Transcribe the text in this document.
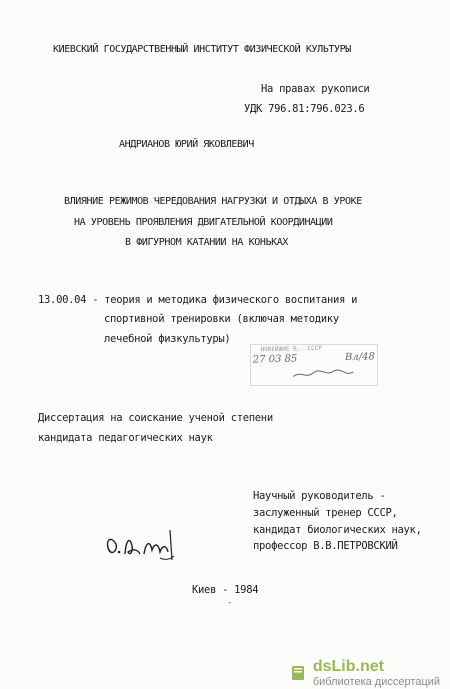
КИЕВСКИЙ ГОСУДАРСТВЕННЫЙ ИНСТИТУТ ФИЗИЧЕСКОЙ КУЛЬТУРЫ
На правах рукописи
УДК 796.81:796.023.6
АНДРИАНОВ ЮРИЙ ЯКОВЛЕВИЧ
ВЛИЯНИЕ РЕЖИМОВ ЧЕРЕДОВАНИЯ НАГРУЗКИ И ОТДЫХА В УРОКЕ
НА УРОВЕНЬ ПРОЯВЛЕНИЯ ДВИГАТЕЛЬНОЙ КООРДИНАЦИИ
В ФИГУРНОМ КАТАНИИ НА КОНЬКАХ
13.00.04 - теория и методика физического воспитания и
спортивной тренировки (включая методику
лечебной физкультуры)
НОВЕЙШИЕ В...СССР
27 03 85	Вл/48
Диссертация на соискание ученой степени
кандидата педагогических наук
Научный руководитель -
заслуженный тренер СССР,
кандидат биологических наук,
профессор В.В.ПЕТРОВСКИЙ
Киев - 1984
-
dsLib.net
библиотека диссертаций
